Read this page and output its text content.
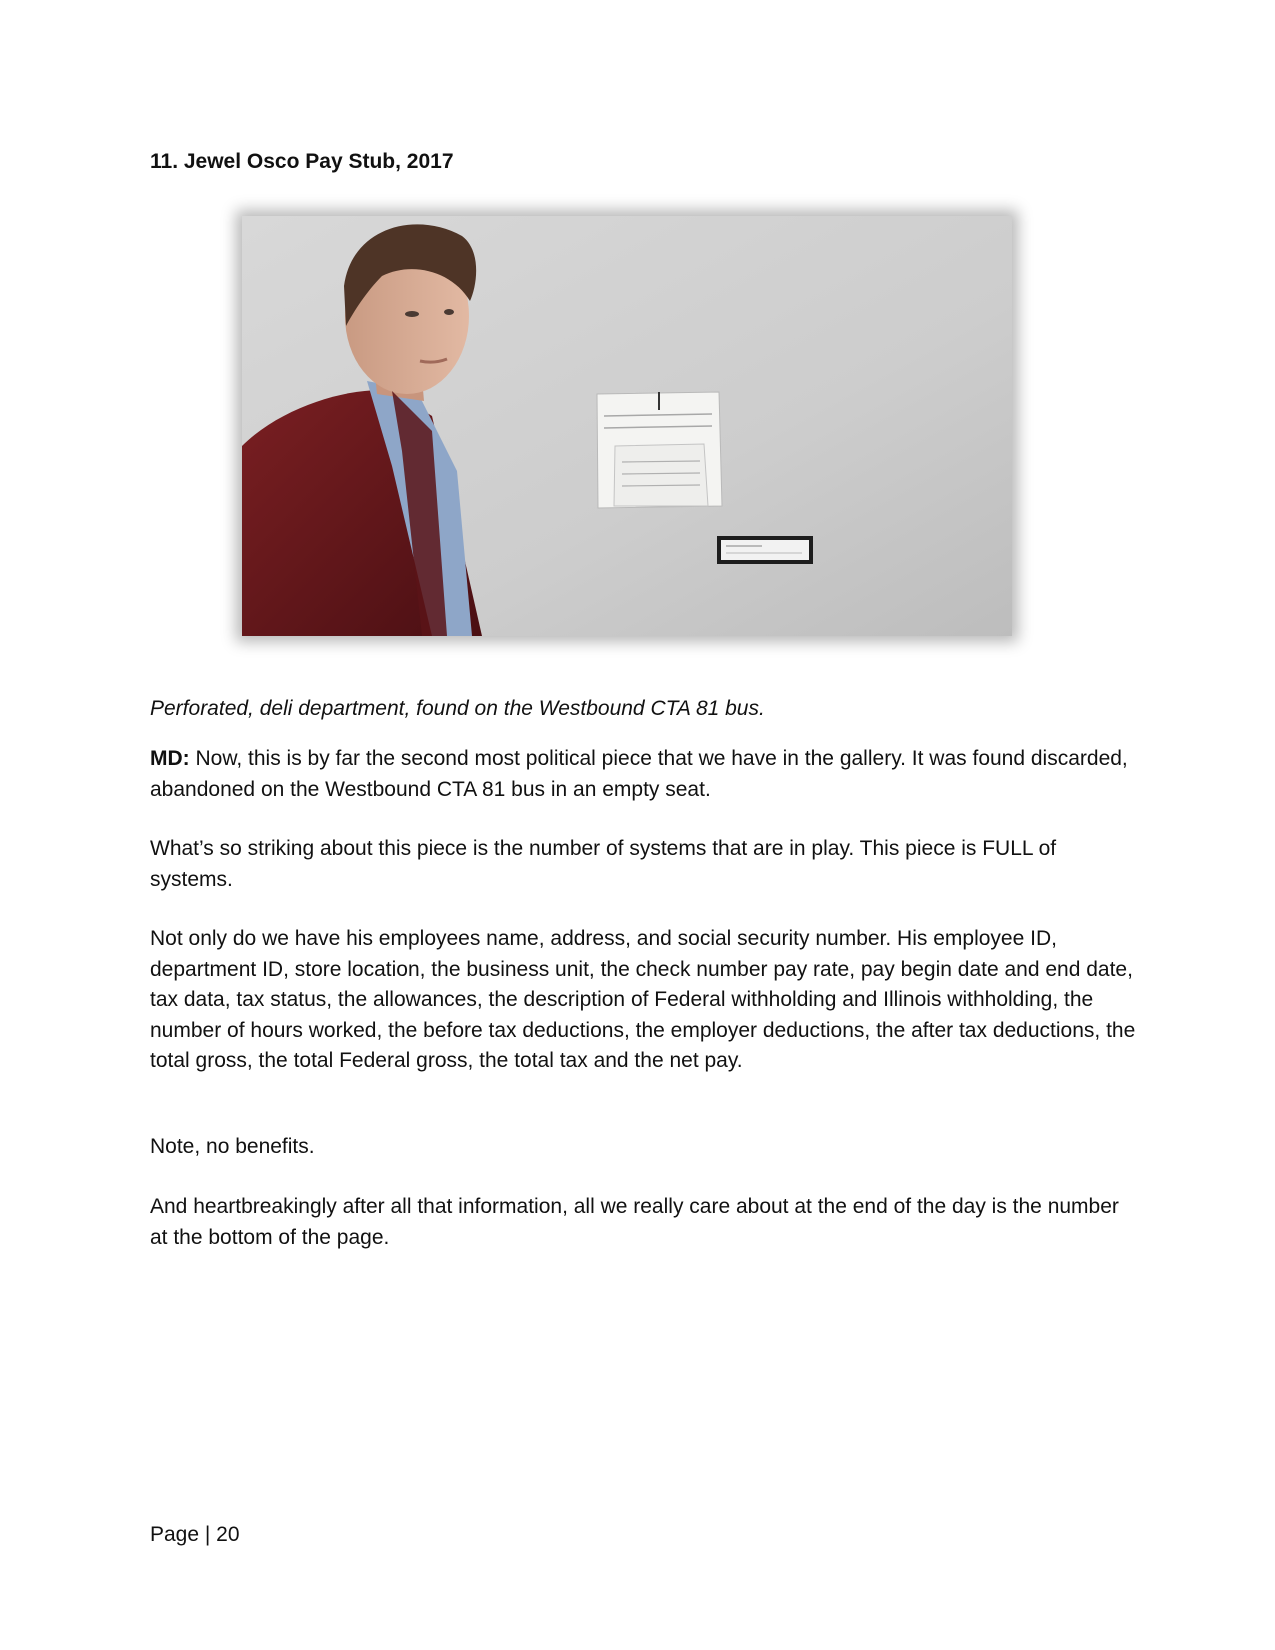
11. Jewel Osco Pay Stub, 2017

Perforated, deli department, found on the Westbound CTA 81 bus.

MD: Now, this is by far the second most political piece that we have in the gallery. It was found discarded, abandoned on the Westbound CTA 81 bus in an empty seat.

What’s so striking about this piece is the number of systems that are in play. This piece is FULL of systems.

Not only do we have his employees name, address, and social security number. His employee ID, department ID, store location, the business unit, the check number pay rate, pay begin date and end date, tax data, tax status, the allowances, the description of Federal withholding and Illinois withholding, the number of hours worked, the before tax deductions, the employer deductions, the after tax deductions, the total gross, the total Federal gross, the total tax and the net pay.

Note, no benefits.

And heartbreakingly after all that information, all we really care about at the end of the day is the number at the bottom of the page.

Page | 20
